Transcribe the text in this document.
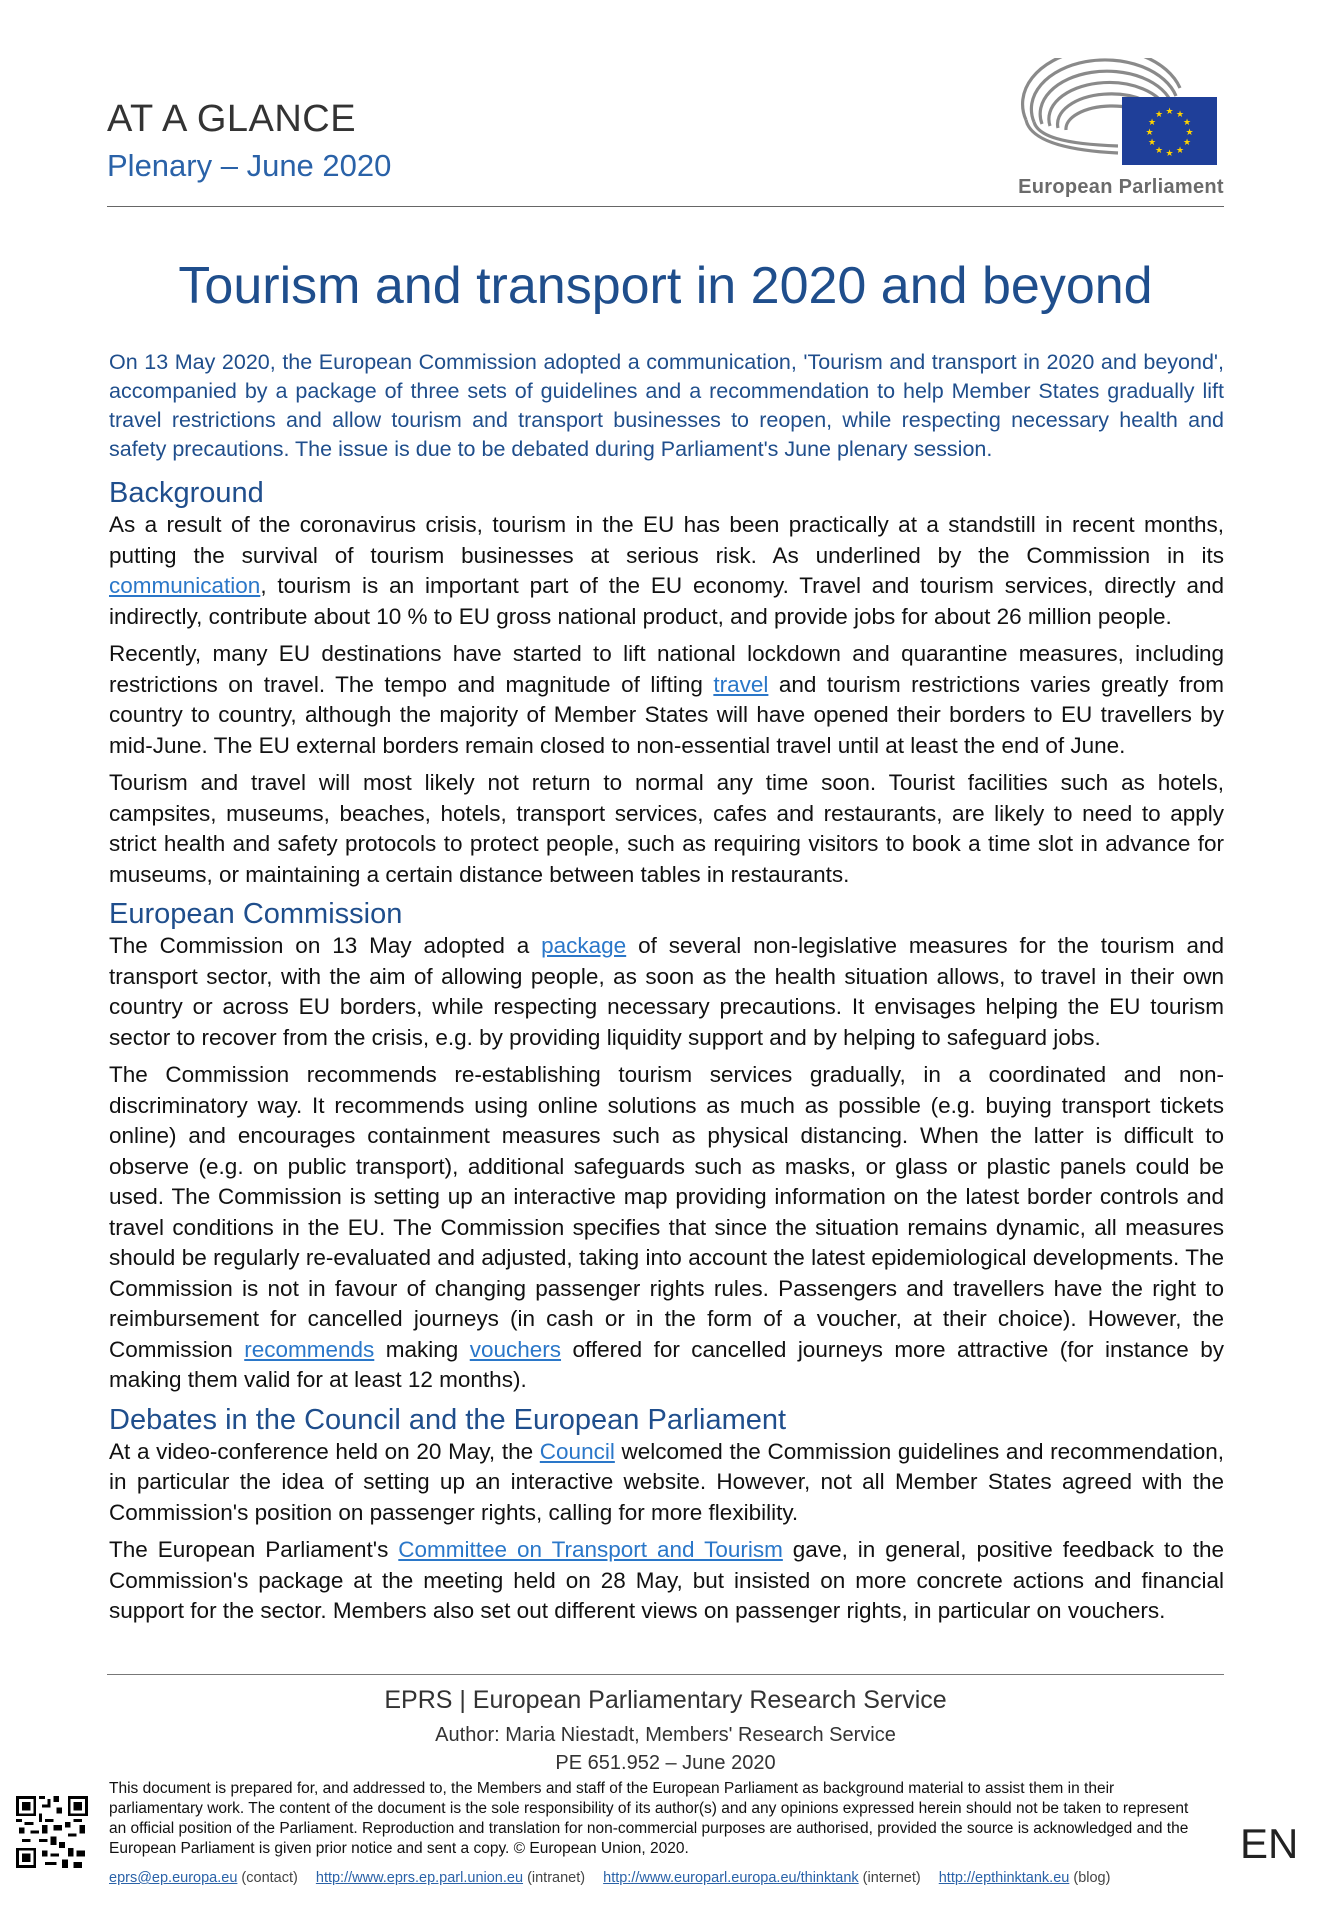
AT A GLANCE
Plenary – June 2020
★ ★
★
★
★
★
★
★
★
★
★
★
European Parliament
Tourism and transport in 2020 and beyond

On 13 May 2020, the European Commission adopted a communication, 'Tourism and transport in 2020 and beyond', accompanied by a package of three sets of guidelines and a recommendation to help Member States gradually lift travel restrictions and allow tourism and transport businesses to reopen, while respecting necessary health and safety precautions. The issue is due to be debated during Parliament's June plenary session.

Background

As a result of the coronavirus crisis, tourism in the EU has been practically at a standstill in recent months, putting the survival of tourism businesses at serious risk. As underlined by the Commission in its communication, tourism is an important part of the EU economy. Travel and tourism services, directly and indirectly, contribute about 10 % to EU gross national product, and provide jobs for about 26 million people.

Recently, many EU destinations have started to lift national lockdown and quarantine measures, including restrictions on travel. The tempo and magnitude of lifting travel and tourism restrictions varies greatly from country to country, although the majority of Member States will have opened their borders to EU travellers by mid-June. The EU external borders remain closed to non-essential travel until at least the end of June.

Tourism and travel will most likely not return to normal any time soon. Tourist facilities such as hotels, campsites, museums, beaches, hotels, transport services, cafes and restaurants, are likely to need to apply strict health and safety protocols to protect people, such as requiring visitors to book a time slot in advance for museums, or maintaining a certain distance between tables in restaurants.

European Commission

The Commission on 13 May adopted a package of several non-legislative measures for the tourism and transport sector, with the aim of allowing people, as soon as the health situation allows, to travel in their own country or across EU borders, while respecting necessary precautions. It envisages helping the EU tourism sector to recover from the crisis, e.g. by providing liquidity support and by helping to safeguard jobs.

The Commission recommends re-establishing tourism services gradually, in a coordinated and non-discriminatory way. It recommends using online solutions as much as possible (e.g. buying transport tickets online) and encourages containment measures such as physical distancing. When the latter is difficult to observe (e.g. on public transport), additional safeguards such as masks, or glass or plastic panels could be used. The Commission is setting up an interactive map providing information on the latest border controls and travel conditions in the EU. The Commission specifies that since the situation remains dynamic, all measures should be regularly re-evaluated and adjusted, taking into account the latest epidemiological developments. The Commission is not in favour of changing passenger rights rules. Passengers and travellers have the right to reimbursement for cancelled journeys (in cash or in the form of a voucher, at their choice). However, the Commission recommends making vouchers offered for cancelled journeys more attractive (for instance by making them valid for at least 12 months).

Debates in the Council and the European Parliament

At a video-conference held on 20 May, the Council welcomed the Commission guidelines and recommendation, in particular the idea of setting up an interactive website. However, not all Member States agreed with the Commission's position on passenger rights, calling for more flexibility.

The European Parliament's Committee on Transport and Tourism gave, in general, positive feedback to the Commission's package at the meeting held on 28 May, but insisted on more concrete actions and financial support for the sector. Members also set out different views on passenger rights, in particular on vouchers.

EPRS | European Parliamentary Research Service
Author: Maria Niestadt, Members' Research Service
PE 651.952 – June 2020
This document is prepared for, and addressed to, the Members and staff of the European Parliament as background material to assist them in their parliamentary work. The content of the document is the sole responsibility of its author(s) and any opinions expressed herein should not be taken to represent an official position of the Parliament. Reproduction and translation for non-commercial purposes are authorised, provided the source is acknowledged and the European Parliament is given prior notice and sent a copy. © European Union, 2020.
eprs@ep.europa.eu (contact) http://www.eprs.ep.parl.union.eu (intranet) http://www.europarl.europa.eu/thinktank (internet) http://epthinktank.eu (blog)
EN
